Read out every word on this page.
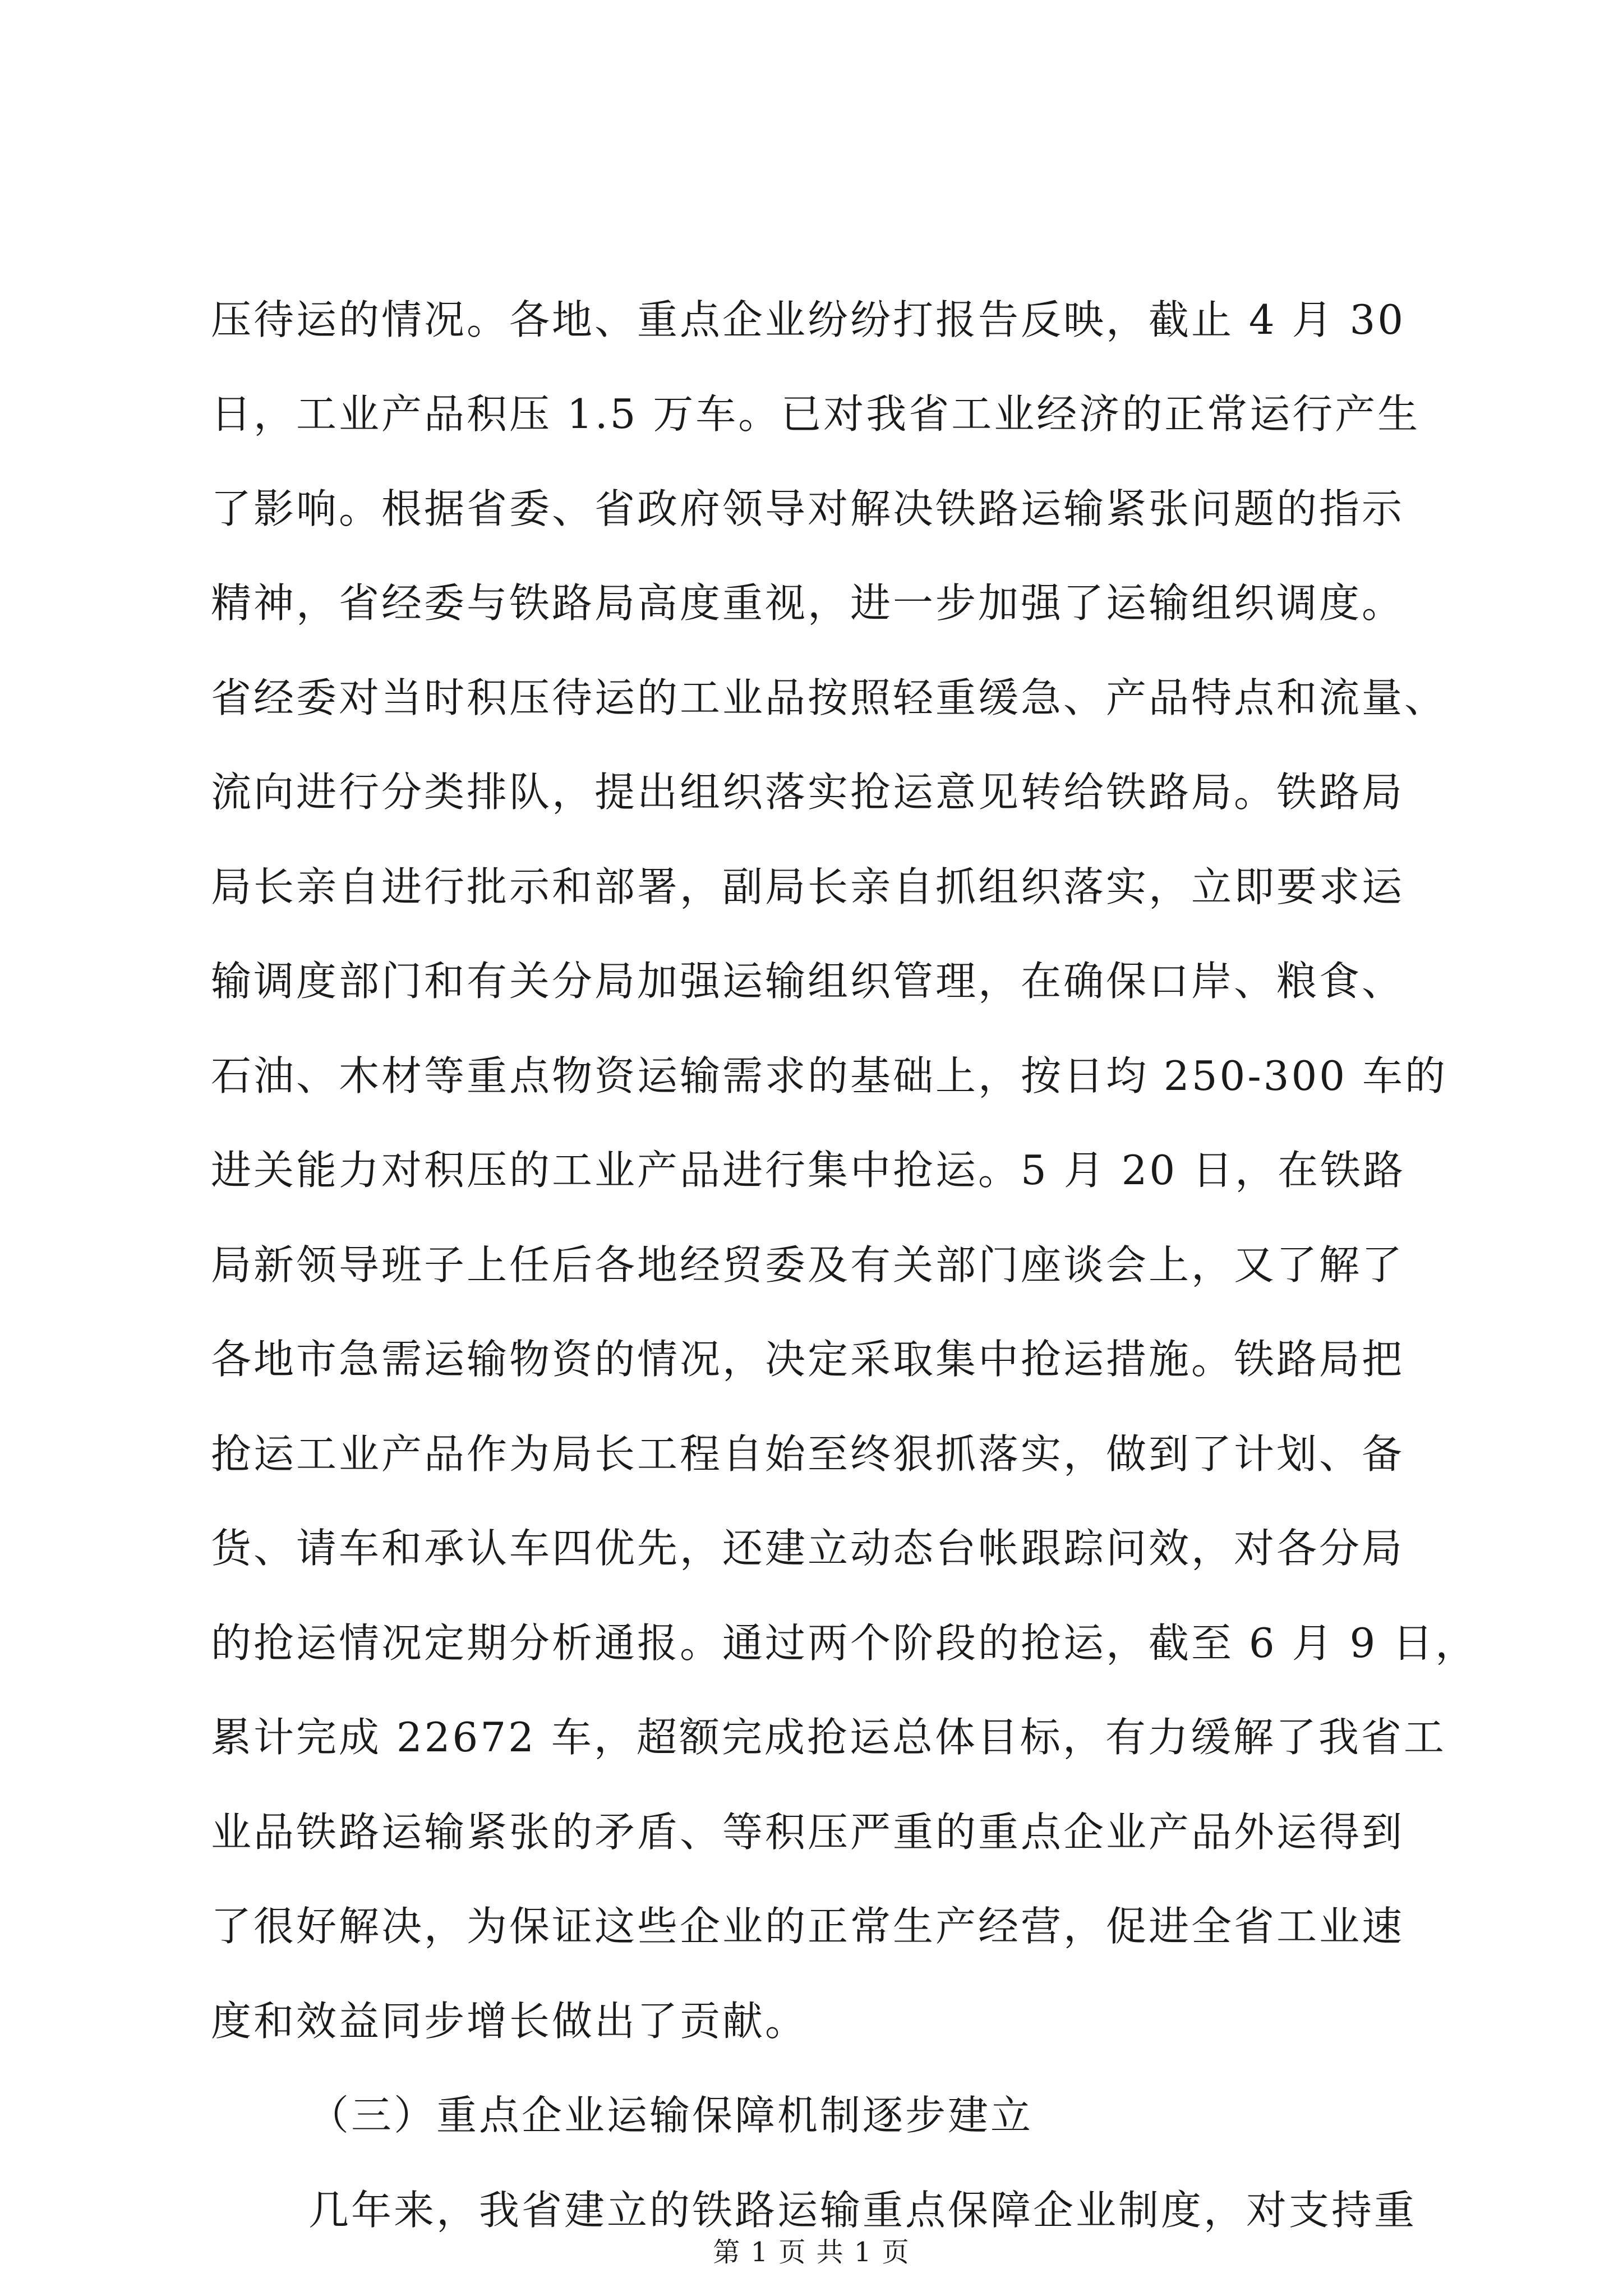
压待运的情况。各地、重点企业纷纷打报告反映，截止 4 月 30
日，工业产品积压 1.5 万车。已对我省工业经济的正常运行产生
了影响。根据省委、省政府领导对解决铁路运输紧张问题的指示
精神，省经委与铁路局高度重视，进一步加强了运输组织调度。
省经委对当时积压待运的工业品按照轻重缓急、产品特点和流量、
流向进行分类排队，提出组织落实抢运意见转给铁路局。铁路局
局长亲自进行批示和部署，副局长亲自抓组织落实，立即要求运
输调度部门和有关分局加强运输组织管理，在确保口岸、粮食、
石油、木材等重点物资运输需求的基础上，按日均 250-300 车的
进关能力对积压的工业产品进行集中抢运。5 月 20 日，在铁路
局新领导班子上任后各地经贸委及有关部门座谈会上，又了解了
各地市急需运输物资的情况，决定采取集中抢运措施。铁路局把
抢运工业产品作为局长工程自始至终狠抓落实，做到了计划、备
货、请车和承认车四优先，还建立动态台帐跟踪问效，对各分局
的抢运情况定期分析通报。通过两个阶段的抢运，截至 6 月 9 日，
累计完成 22672 车，超额完成抢运总体目标，有力缓解了我省工
业品铁路运输紧张的矛盾、等积压严重的重点企业产品外运得到
了很好解决，为保证这些企业的正常生产经营，促进全省工业速
度和效益同步增长做出了贡献。
（三）重点企业运输保障机制逐步建立
几年来，我省建立的铁路运输重点保障企业制度，对支持重
第 1 页 共 1 页
